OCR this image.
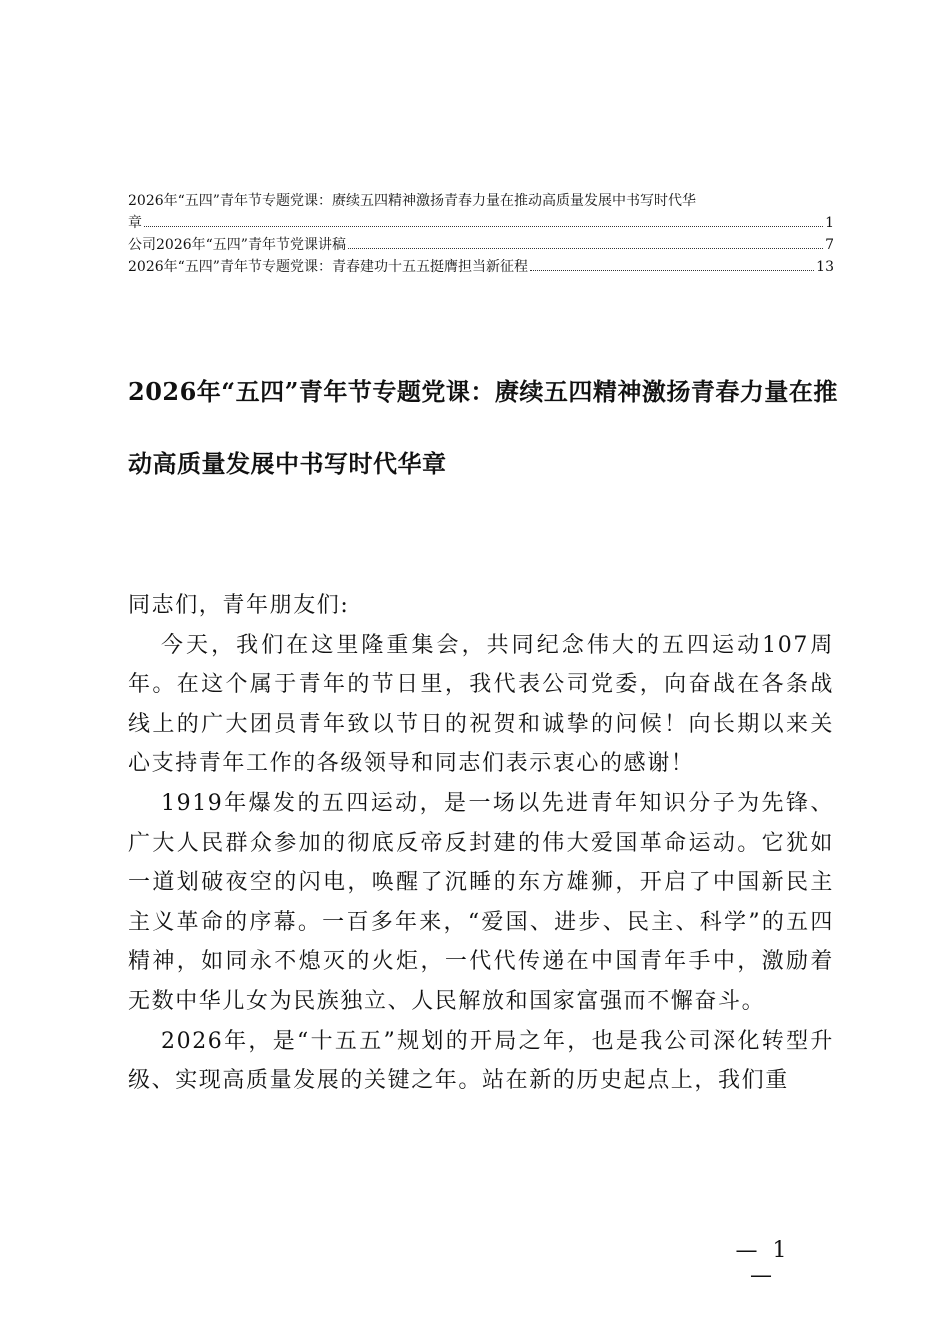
2026年“五四”青年节专题党课：赓续五四精神激扬青春力量在推动高质量发展中书写时代华
章	1
公司2026年“五四”青年节党课讲稿	7
2026年“五四”青年节专题党课：青春建功十五五挺膺担当新征程	13
2026年“五四”青年节专题党课：赓续五四精神激扬青春力量在推
动高质量发展中书写时代华章
同志们，青年朋友们:

今天，我们在这里隆重集会，共同纪念伟大的五四运动107周年。在这个属于青年的节日里，我代表公司党委，向奋战在各条战线上的广大团员青年致以节日的祝贺和诚挚的问候！向长期以来关心支持青年工作的各级领导和同志们表示衷心的感谢！

1919年爆发的五四运动，是一场以先进青年知识分子为先锋、广大人民群众参加的彻底反帝反封建的伟大爱国革命运动。它犹如一道划破夜空的闪电，唤醒了沉睡的东方雄狮，开启了中国新民主主义革命的序幕。一百多年来，“爱国、进步、民主、科学”的五四精神，如同永不熄灭的火炬，一代代传递在中国青年手中，激励着无数中华儿女为民族独立、人民解放和国家富强而不懈奋斗。

2026年，是“十五五”规划的开局之年，也是我公司深化转型升级、实现高质量发展的关键之年。站在新的历史起点上，我们重

— 1 —
